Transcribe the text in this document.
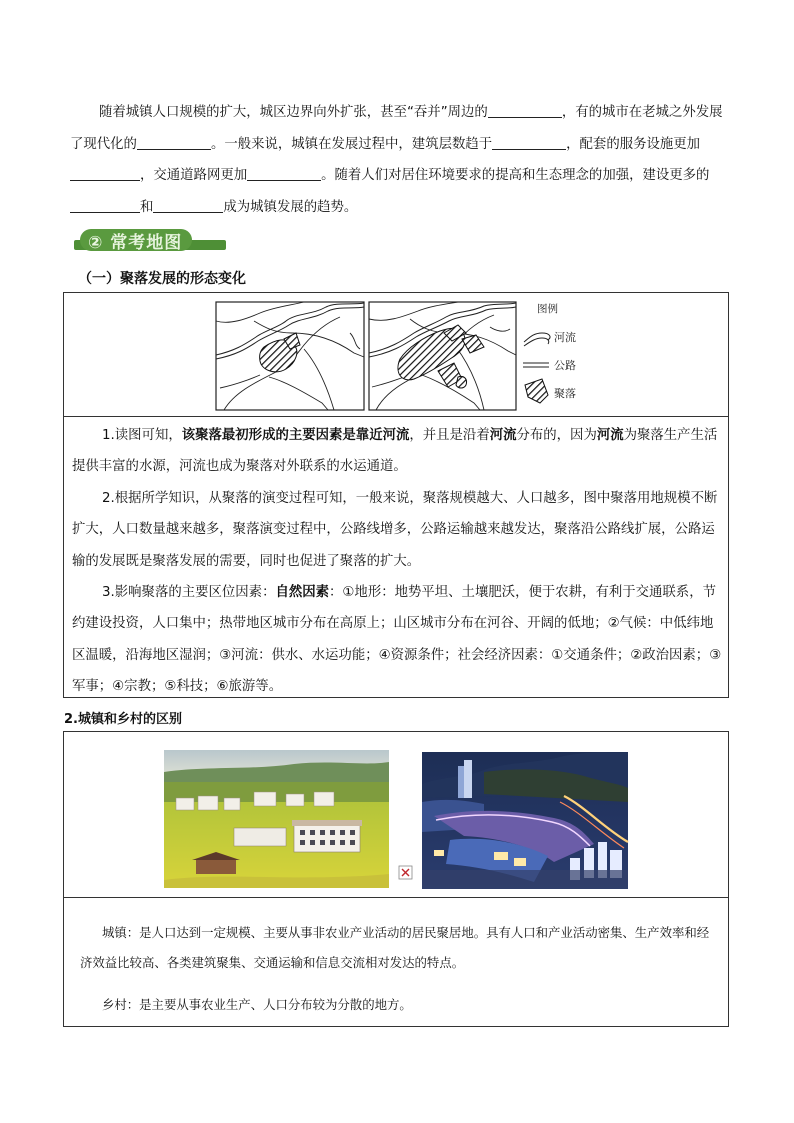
随着城镇人口规模的扩大，城区边界向外扩张，甚至“吞并”周边的	，有的城市在老城之外发展了现代化的	。一般来说，城镇在发展过程中，建筑层数趋于	，配套的服务设施更加，交通道路网更加	。随着人们对居住环境要求的提高和生态理念的加强，建设更多的和	成为城镇发展的趋势。
② 常考地图
（一）聚落发展的形态变化
图例
河流
公路
聚落

1.读图可知，该聚落最初形成的主要因素是靠近河流，并且是沿着河流分布的，因为河流为聚落生产生活提供丰富的水源，河流也成为聚落对外联系的水运通道。

2.根据所学知识，从聚落的演变过程可知，一般来说，聚落规模越大、人口越多，图中聚落用地规模不断扩大，人口数量越来越多，聚落演变过程中，公路线增多，公路运输越来越发达，聚落沿公路线扩展，公路运输的发展既是聚落发展的需要，同时也促进了聚落的扩大。

3.影响聚落的主要区位因素：自然因素：①地形：地势平坦、土壤肥沃，便于农耕，有利于交通联系，节约建设投资，人口集中；热带地区城市分布在高原上；山区城市分布在河谷、开阔的低地；②气候：中低纬地区温暖，沿海地区湿润；③河流：供水、水运功能；④资源条件；社会经济因素：①交通条件；②政治因素；③军事；④宗教；⑤科技；⑥旅游等。

2.城镇和乡村的区别

城镇：是人口达到一定规模、主要从事非农业产业活动的居民聚居地。具有人口和产业活动密集、生产效率和经济效益比较高、各类建筑聚集、交通运输和信息交流相对发达的特点。

乡村：是主要从事农业生产、人口分布较为分散的地方。
